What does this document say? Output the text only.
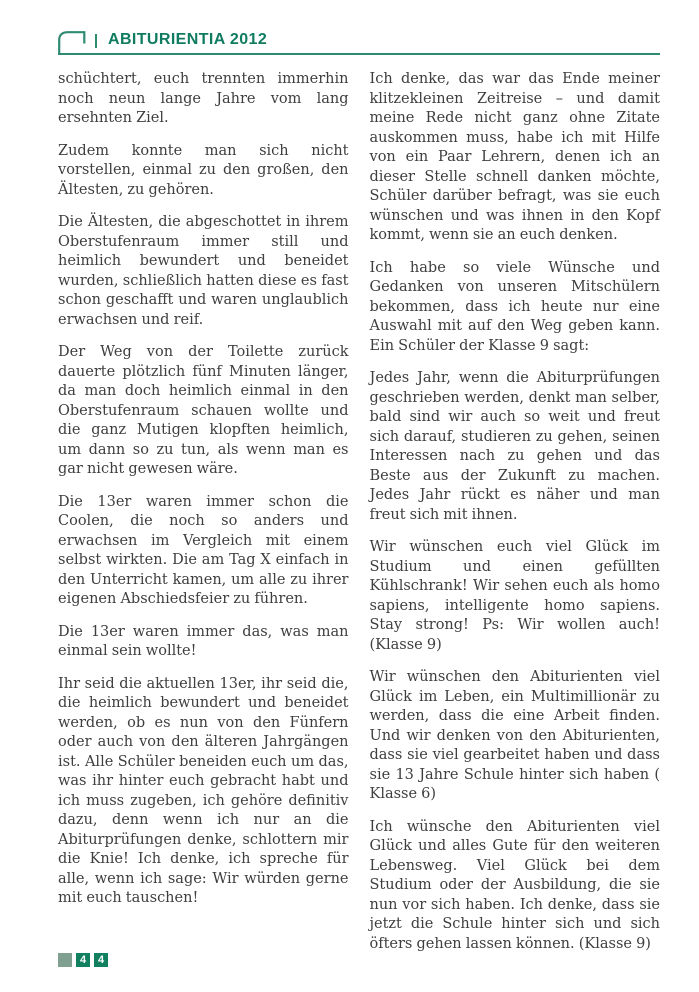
ABITURIENTIA 2012

schüchtert, euch trennten immerhin noch neun lange Jahre vom lang ersehnten Ziel.

Zudem konnte man sich nicht vorstellen, einmal zu den großen, den Ältesten, zu gehören.

Die Ältesten, die abgeschottet in ihrem Oberstufenraum immer still und heimlich bewundert und beneidet wurden, schließlich hatten diese es fast schon geschafft und waren unglaublich erwachsen und reif.

Der Weg von der Toilette zurück dauerte plötzlich fünf Minuten länger, da man doch heimlich einmal in den Oberstufenraum schauen wollte und die ganz Mutigen klopften heimlich, um dann so zu tun, als wenn man es gar nicht gewesen wäre.

Die 13er waren immer schon die Coolen, die noch so anders und erwachsen im Vergleich mit einem selbst wirkten. Die am Tag X einfach in den Unterricht kamen, um alle zu ihrer eigenen Abschiedsfeier zu führen.

Die 13er waren immer das, was man einmal sein wollte!

Ihr seid die aktuellen 13er, ihr seid die, die heimlich bewundert und beneidet werden, ob es nun von den Fünfern oder auch von den älteren Jahrgängen ist. Alle Schüler beneiden euch um das, was ihr hinter euch gebracht habt und ich muss zugeben, ich gehöre definitiv dazu, denn wenn ich nur an die Abiturprüfungen denke, schlottern mir die Knie! Ich denke, ich spreche für alle, wenn ich sage: Wir würden gerne mit euch tauschen!

Ich denke, das war das Ende meiner klitzekleinen Zeitreise – und damit meine Rede nicht ganz ohne Zitate auskommen muss, habe ich mit Hilfe von ein Paar Lehrern, denen ich an dieser Stelle schnell danken möchte, Schüler darüber befragt, was sie euch wünschen und was ihnen in den Kopf kommt, wenn sie an euch denken.

Ich habe so viele Wünsche und Gedanken von unseren Mitschülern bekommen, dass ich heute nur eine Auswahl mit auf den Weg geben kann. Ein Schüler der Klasse 9 sagt:

Jedes Jahr, wenn die Abiturprüfungen geschrieben werden, denkt man selber, bald sind wir auch so weit und freut sich darauf, studieren zu gehen, seinen Interessen nach zu gehen und das Beste aus der Zukunft zu machen. Jedes Jahr rückt es näher und man freut sich mit ihnen.

Wir wünschen euch viel Glück im Studium und einen gefüllten Kühlschrank! Wir sehen euch als homo sapiens, intelligente homo sapiens. Stay strong! Ps: Wir wollen auch! (Klasse 9)

Wir wünschen den Abiturienten viel Glück im Leben, ein Multimillionär zu werden, dass die eine Arbeit finden. Und wir denken von den Abiturienten, dass sie viel gearbeitet haben und dass sie 13 Jahre Schule hinter sich haben ( Klasse 6)

Ich wünsche den Abiturienten viel Glück und alles Gute für den weiteren Lebensweg. Viel Glück bei dem Studium oder der Ausbildung, die sie nun vor sich haben. Ich denke, dass sie jetzt die Schule hinter sich und sich öfters gehen lassen können. (Klasse 9)

4	4
